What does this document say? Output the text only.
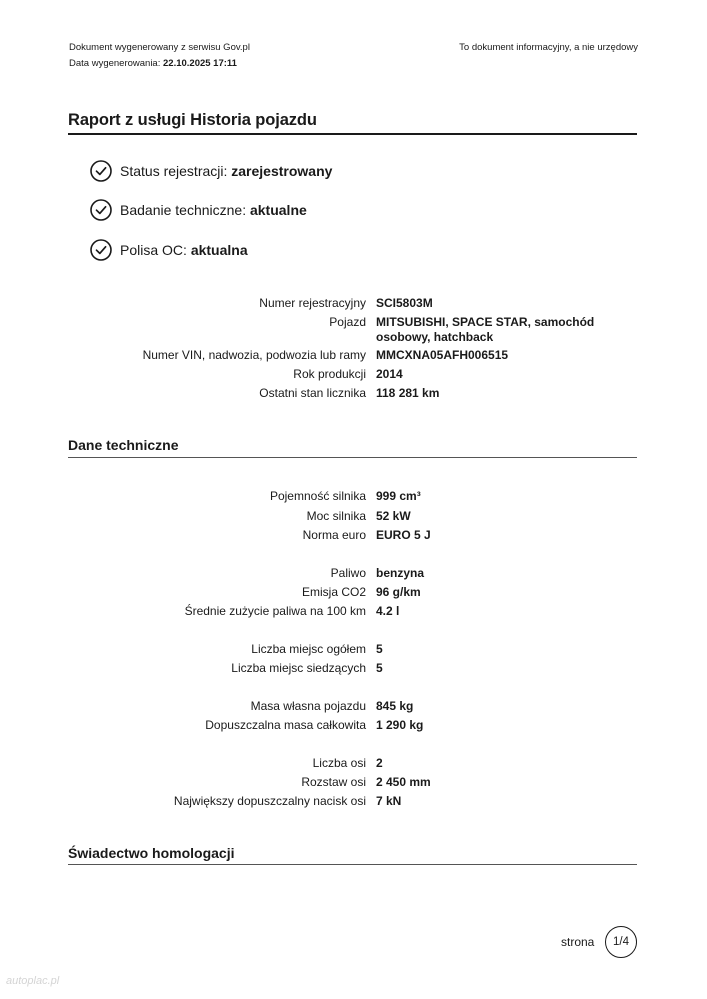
Dokument wygenerowany z serwisu Gov.pl
Data wygenerowania: 22.10.2025 17:11
To dokument informacyjny, a nie urzędowy
Raport z usługi Historia pojazdu
Status rejestracji:
zarejestrowany
Badanie techniczne:
aktualne
Polisa OC:
aktualna
Numer rejestracyjny SCI5803M
Pojazd MITSUBISHI, SPACE STAR, samochód osobowy, hatchback
Numer VIN, nadwozia, podwozia lub ramy MMCXNA05AFH006515
Rok produkcji 2014
Ostatni stan licznika 118 281 km
Dane techniczne
Pojemność silnika 999 cm³
Moc silnika 52 kW
Norma euro EURO 5 J
Paliwo benzyna
Emisja CO2 96 g/km
Średnie zużycie paliwa na 100 km 4.2 l
Liczba miejsc ogółem 5
Liczba miejsc siedzących 5
Masa własna pojazdu 845 kg
Dopuszczalna masa całkowita 1 290 kg
Liczba osi 2
Rozstaw osi 2 450 mm
Największy dopuszczalny nacisk osi 7 kN
Świadectwo homologacji
strona 1/4
autoplac.pl
